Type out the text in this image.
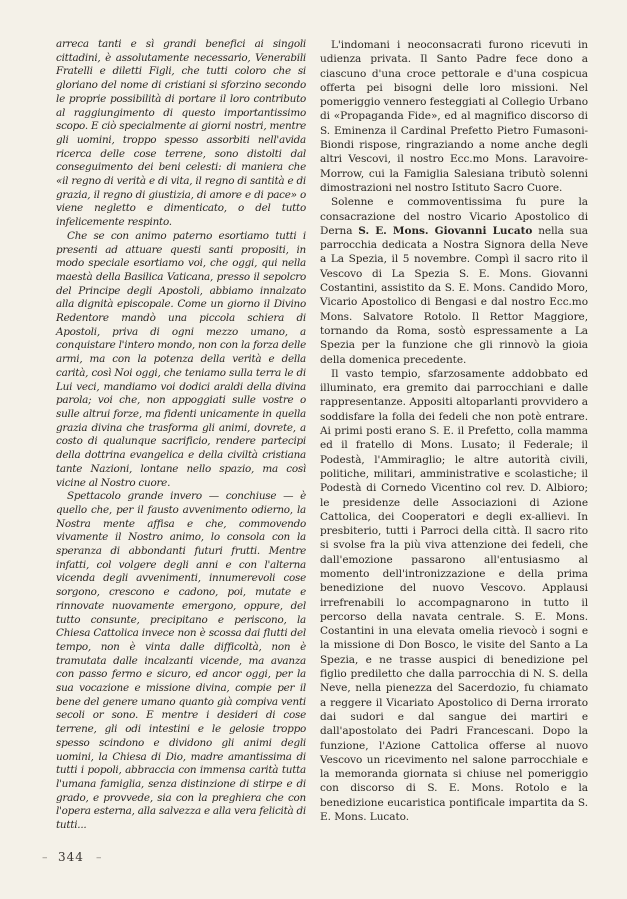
arreca tanti e sì grandi benefici ai singoli cittadini, è assolutamente necessario, Venerabili Fratelli e diletti Figli, che tutti coloro che si gloriano del nome di cristiani si sforzino secondo le proprie possibilità di portare il loro contributo al raggiungimento di questo importantissimo scopo. E ciò specialmente ai giorni nostri, mentre gli uomini, troppo spesso assorbiti nell'avida ricerca delle cose terrene, sono distolti dal conseguimento dei beni celesti: di maniera che «il regno di verità e di vita, il regno di santità e di grazia, il regno di giustizia, di amore e di pace» o viene neglettо e dimenticato, o del tutto infelicemente respinto.

Che se con animo paterno esortiamo tutti i presenti ad attuare questi santi propositi, in modo speciale esortiamo voi, che oggi, qui nella maestà della Basilica Vaticana, presso il sepolcro del Principe degli Apostoli, abbiamo innalzato alla dignità episcopale. Come un giorno il Divino Redentore mandò una piccola schiera di Apostoli, priva di ogni mezzo umano, a conquistare l'intero mondo, non con la forza delle armi, ma con la potenza della verità e della carità, così Noi oggi, che teniamo sulla terra le di Lui veci, mandiamo voi dodici araldi della divina parola; voi che, non appoggiati sulle vostre o sulle altrui forze, ma fidenti unicamente in quella grazia divina che trasforma gli animi, dovrete, a costo di qualunque sacrificio, rendere partecipi della dottrina evangelica e della civiltà cristiana tante Nazioni, lontane nello spazio, ma così vicine al Nostro cuore.

Spettacolo grande invero — conchiuse — è quello che, per il fausto avvenimento odierno, la Nostra mente affisa e che, commovendo vivamente il Nostro animo, lo consola con la speranza di abbondanti futuri frutti. Mentre infatti, col volgere degli anni e con l'alterna vicenda degli avvenimenti, innumerevoli cose sorgono, crescono e cadono, poi, mutate e rinnovate nuovamente emergono, oppure, del tutto consunte, precipitano e periscono, la Chiesa Cattolica invece non è scossa dai flutti del tempo, non è vinta dalle difficoltà, non è tramutata dalle incalzanti vicende, ma avanza con passo fermo e sicuro, ed ancor oggi, per la sua vocazione e missione divina, compie per il bene del genere umano quanto già compiva venti secoli or sono. E mentre i desideri di cose terrene, gli odi intestini e le gelosie troppo spesso scindono e dividono gli animi degli uomini, la Chiesa di Dio, madre amantissima di tutti i popoli, abbraccia con immensa carità tutta l'umana famiglia, senza distinzione di stirpe e di grado, e provvede, sia con la preghiera che con l'opera esterna, alla salvezza e alla vera felicità di tutti...

L'indomani i neoconsacrati furono ricevuti in udienza privata. Il Santo Padre fece dono a ciascuno d'una croce pettorale e d'una cospicua offerta pei bisogni delle loro missioni. Nel pomeriggio vennero festeggiati al Collegio Urbano di «Propaganda Fide», ed al magnifico discorso di S. Eminenza il Cardinal Prefetto Pietro Fumasoni-Biondi rispose, ringraziando a nome anche degli altri Vescovi, il nostro Ecc.mo Mons. Laravoire-Morrow, cui la Famiglia Salesiana tributò solenni dimostrazioni nel nostro Istituto Sacro Cuore.

Solenne e commoventissima fu pure la consacrazione del nostro Vicario Apostolico di Derna S. E. Mons. Giovanni Lucato nella sua parrocchia dedicata a Nostra Signora della Neve a La Spezia, il 5 novembre. Compì il sacro rito il Vescovo di La Spezia S. E. Mons. Giovanni Costantini, assistito da S. E. Mons. Candido Moro, Vicario Apostolico di Bengasi e dal nostro Ecc.mo Mons. Salvatore Rotolo. Il Rettor Maggiore, tornando da Roma, sostò espressamente a La Spezia per la funzione che gli rinnovò la gioia della domenica precedente.

Il vasto tempio, sfarzosamente addobbato ed illuminato, era gremito dai parrocchiani e dalle rappresentanze. Appositi altoparlanti provvidero a soddisfare la folla dei fedeli che non potè entrare. Ai primi posti erano S. E. il Prefetto, colla mamma ed il fratello di Mons. Lusato; il Federale; il Podestà, l'Ammiraglio; le altre autorità civili, politiche, militari, amministrative e scolastiche; il Podestà di Cornedo Vicentino col rev. D. Albioro; le presidenze delle Associazioni di Azione Cattolica, dei Cooperatori e degli ex-allievi. In presbiterio, tutti i Parroci della città. Il sacro rito si svolse fra la più viva attenzione dei fedeli, che dall'emozione passarono all'entusiasmo al momento dell'intronizzazione e della prima benedizione del nuovo Vescovo. Applausi irrefrenabili lo accompagnarono in tutto il percorso della navata centrale. S. E. Mons. Costantini in una elevata omelia rievocò i sogni e la missione di Don Bosco, le visite del Santo a La Spezia, e ne trasse auspici di benedizione pel figlio prediletto che dalla parrocchia di N. S. della Neve, nella pienezza del Sacerdozio, fu chiamato a reggere il Vicariato Apostolico di Derna irrorato dai sudori e dal sangue dei martiri e dall'apostolato dei Padri Francescani. Dopo la funzione, l'Azione Cattolica offerse al nuovo Vescovo un ricevimento nel salone parrocchiale e la memoranda giornata si chiuse nel pomeriggio con discorso di S. E. Mons. Rotolo e la benedizione eucaristica pontificale impartita da S. E. Mons. Lucato.

– 344 –
